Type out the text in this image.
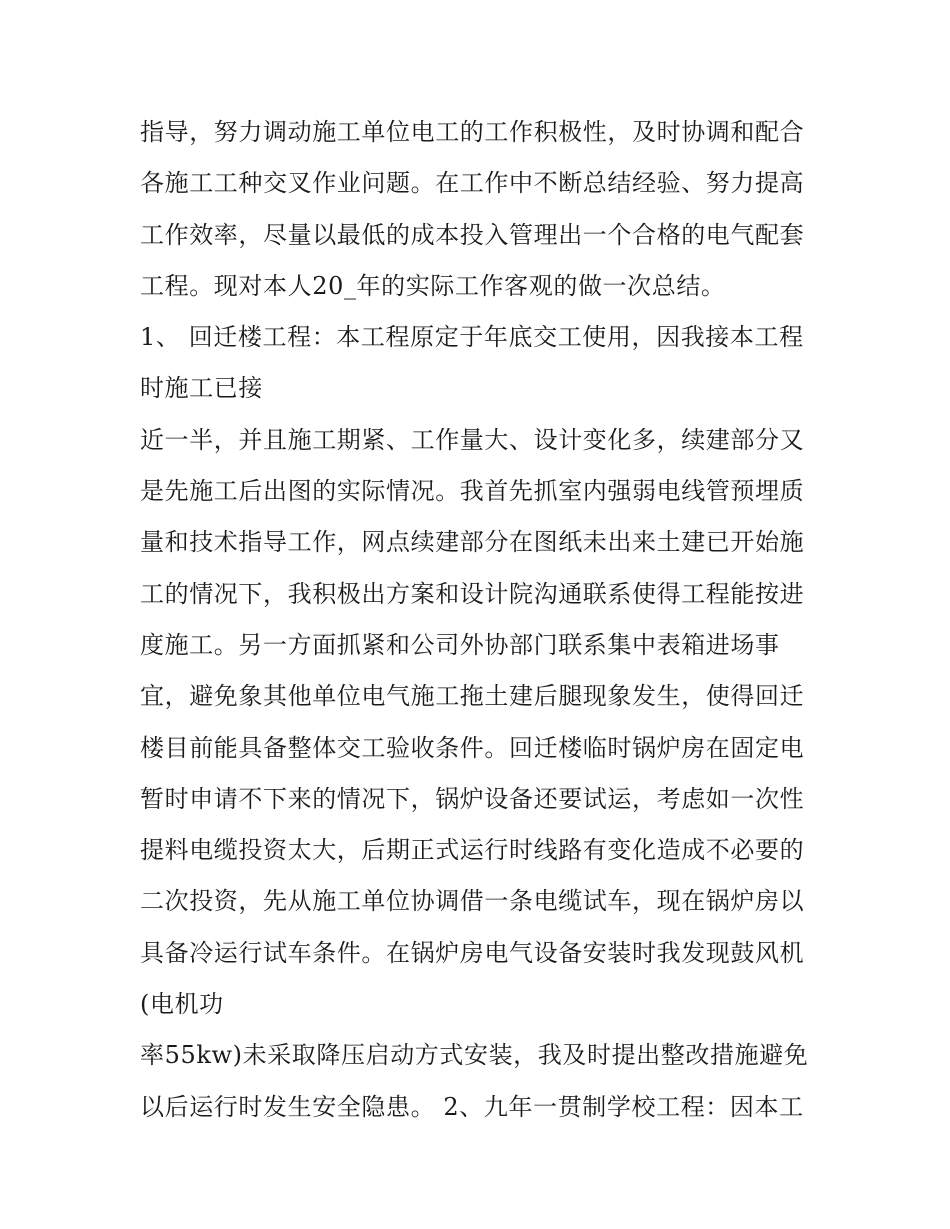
指导，努力调动施工单位电工的工作积极性，及时协调和配合
各施工工种交叉作业问题。在工作中不断总结经验、努力提高
工作效率，尽量以最低的成本投入管理出一个合格的电气配套
工程。现对本人20_年的实际工作客观的做一次总结。
1、 回迁楼工程：本工程原定于年底交工使用，因我接本工程
时施工已接
近一半，并且施工期紧、工作量大、设计变化多，续建部分又
是先施工后出图的实际情况。我首先抓室内强弱电线管预埋质
量和技术指导工作，网点续建部分在图纸未出来土建已开始施
工的情况下，我积极出方案和设计院沟通联系使得工程能按进
度施工。另一方面抓紧和公司外协部门联系集中表箱进场事
宜，避免象其他单位电气施工拖土建后腿现象发生，使得回迁
楼目前能具备整体交工验收条件。回迁楼临时锅炉房在固定电
暂时申请不下来的情况下，锅炉设备还要试运，考虑如一次性
提料电缆投资太大，后期正式运行时线路有变化造成不必要的
二次投资，先从施工单位协调借一条电缆试车，现在锅炉房以
具备冷运行试车条件。在锅炉房电气设备安装时我发现鼓风机
(电机功
率55kw)未采取降压启动方式安装，我及时提出整改措施避免
以后运行时发生安全隐患。 2、九年一贯制学校工程：因本工
